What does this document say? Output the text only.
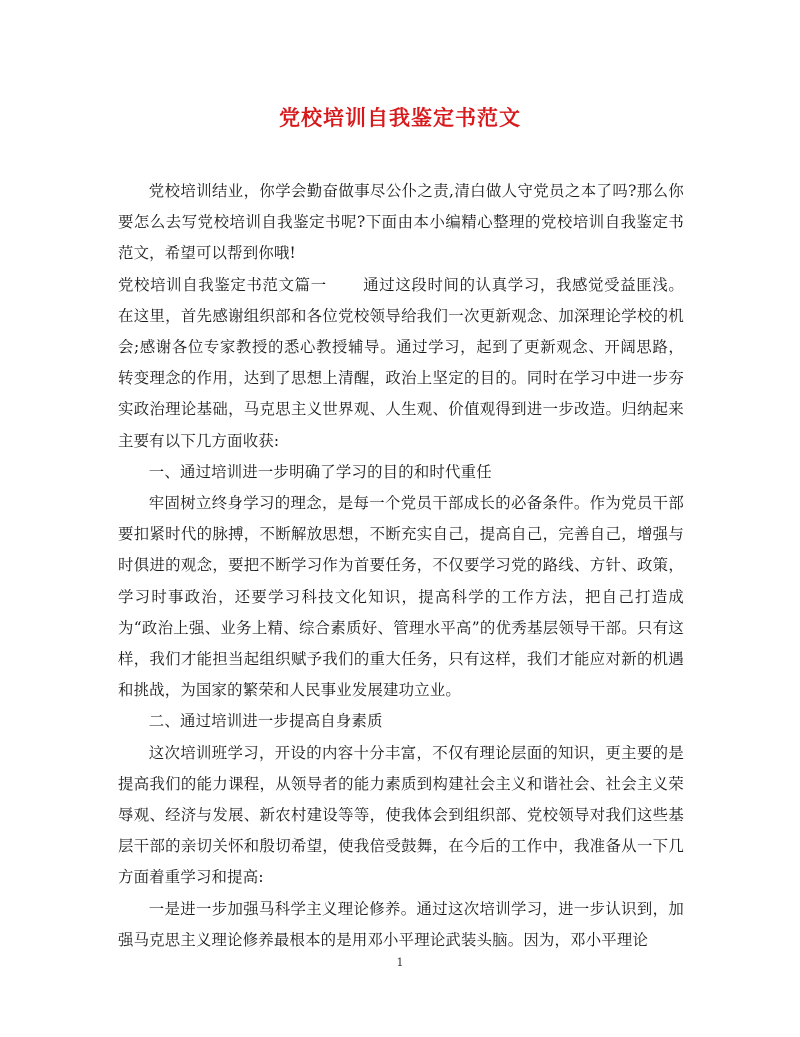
党校培训自我鉴定书范文

党校培训结业，你学会勤奋做事尽公仆之责,清白做人守党员之本了吗?那么你要怎么去写党校培训自我鉴定书呢?下面由本小编精心整理的党校培训自我鉴定书范文，希望可以帮到你哦!

党校培训自我鉴定书范文篇一 通过这段时间的认真学习，我感觉受益匪浅。在这里，首先感谢组织部和各位党校领导给我们一次更新观念、加深理论学校的机会;感谢各位专家教授的悉心教授辅导。通过学习，起到了更新观念、开阔思路，转变理念的作用，达到了思想上清醒，政治上坚定的目的。同时在学习中进一步夯实政治理论基础，马克思主义世界观、人生观、价值观得到进一步改造。归纳起来主要有以下几方面收获:

一、通过培训进一步明确了学习的目的和时代重任

牢固树立终身学习的理念，是每一个党员干部成长的必备条件。作为党员干部要扣紧时代的脉搏，不断解放思想，不断充实自己，提高自己，完善自己，增强与时俱进的观念，要把不断学习作为首要任务，不仅要学习党的路线、方针、政策，学习时事政治，还要学习科技文化知识，提高科学的工作方法，把自己打造成为“政治上强、业务上精、综合素质好、管理水平高”的优秀基层领导干部。只有这样，我们才能担当起组织赋予我们的重大任务，只有这样，我们才能应对新的机遇和挑战，为国家的繁荣和人民事业发展建功立业。

二、通过培训进一步提高自身素质

这次培训班学习，开设的内容十分丰富，不仅有理论层面的知识，更主要的是提高我们的能力课程，从领导者的能力素质到构建社会主义和谐社会、社会主义荣辱观、经济与发展、新农村建设等等，使我体会到组织部、党校领导对我们这些基层干部的亲切关怀和殷切希望，使我倍受鼓舞，在今后的工作中，我准备从一下几方面着重学习和提高:

一是进一步加强马科学主义理论修养。通过这次培训学习，进一步认识到，加强马克思主义理论修养最根本的是用邓小平理论武装头脑。因为，邓小平理论

1
